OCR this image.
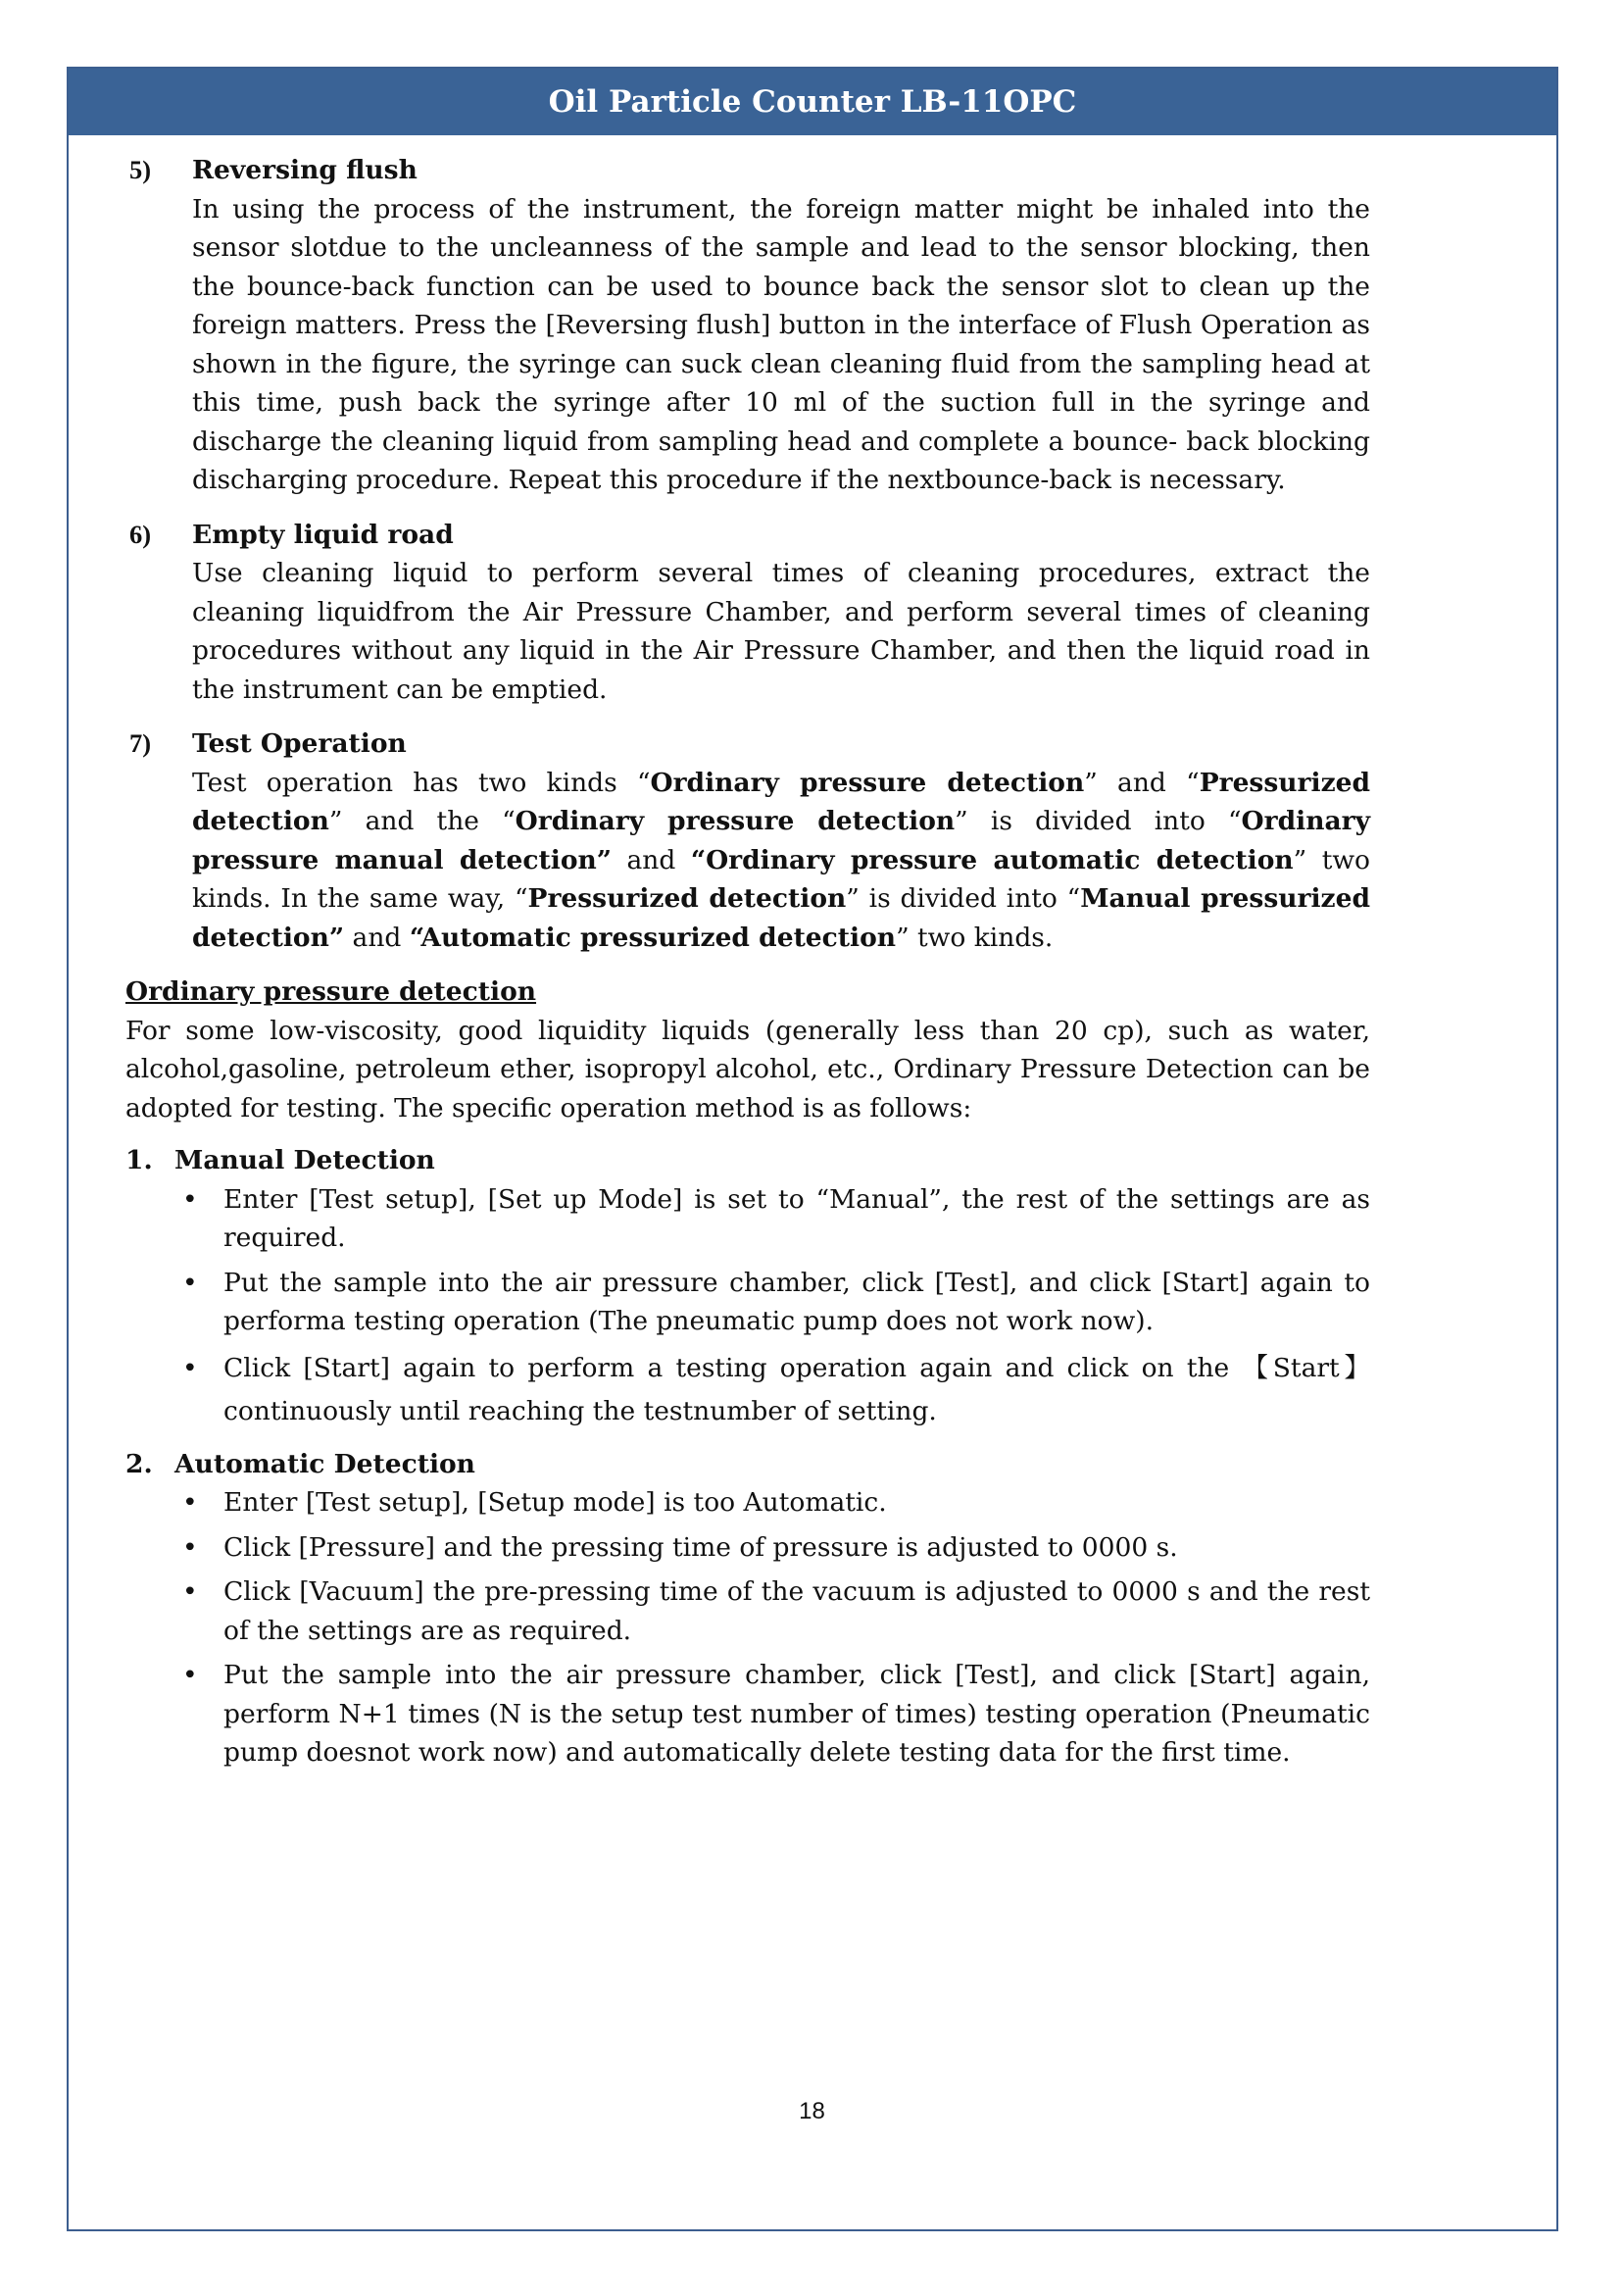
Oil Particle Counter LB-11OPC
5) Reversing flush
In using the process of the instrument, the foreign matter might be inhaled into the sensor slotdue to the uncleanness of the sample and lead to the sensor blocking, then the bounce-back function can be used to bounce back the sensor slot to clean up the foreign matters. Press the [Reversing flush] button in the interface of Flush Operation as shown in the figure, the syringe can suck clean cleaning fluid from the sampling head at this time, push back the syringe after 10 ml of the suction full in the syringe and discharge the cleaning liquid from sampling head and complete a bounce- back blocking discharging procedure. Repeat this procedure if the nextbounce-back is necessary.
6) Empty liquid road
Use cleaning liquid to perform several times of cleaning procedures, extract the cleaning liquidfrom the Air Pressure Chamber, and perform several times of cleaning procedures without any liquid in the Air Pressure Chamber, and then the liquid road in the instrument can be emptied.
7) Test Operation
Test operation has two kinds “Ordinary pressure detection” and “Pressurized detection” and the “Ordinary pressure detection” is divided into “Ordinary pressure manual detection” and “Ordinary pressure automatic detection” two kinds. In the same way, “Pressurized detection” is divided into “Manual pressurized detection” and “Automatic pressurized detection” two kinds.
Ordinary pressure detection
For some low-viscosity, good liquidity liquids (generally less than 20 cp), such as water, alcohol,gasoline, petroleum ether, isopropyl alcohol, etc., Ordinary Pressure Detection can be adopted for testing. The specific operation method is as follows:
1. Manual Detection
• Enter [Test setup], [Set up Mode] is set to “Manual”, the rest of the settings are as required.
• Put the sample into the air pressure chamber, click [Test], and click [Start] again to performa testing operation (The pneumatic pump does not work now).
• Click [Start] again to perform a testing operation again and click on the 【Start】 continuously until reaching the testnumber of setting.
2. Automatic Detection
• Enter [Test setup], [Setup mode] is too Automatic.
• Click [Pressure] and the pressing time of pressure is adjusted to 0000 s.
• Click [Vacuum] the pre-pressing time of the vacuum is adjusted to 0000 s and the rest of the settings are as required.
• Put the sample into the air pressure chamber, click [Test], and click [Start] again, perform N+1 times (N is the setup test number of times) testing operation (Pneumatic pump doesnot work now) and automatically delete testing data for the first time.
18
